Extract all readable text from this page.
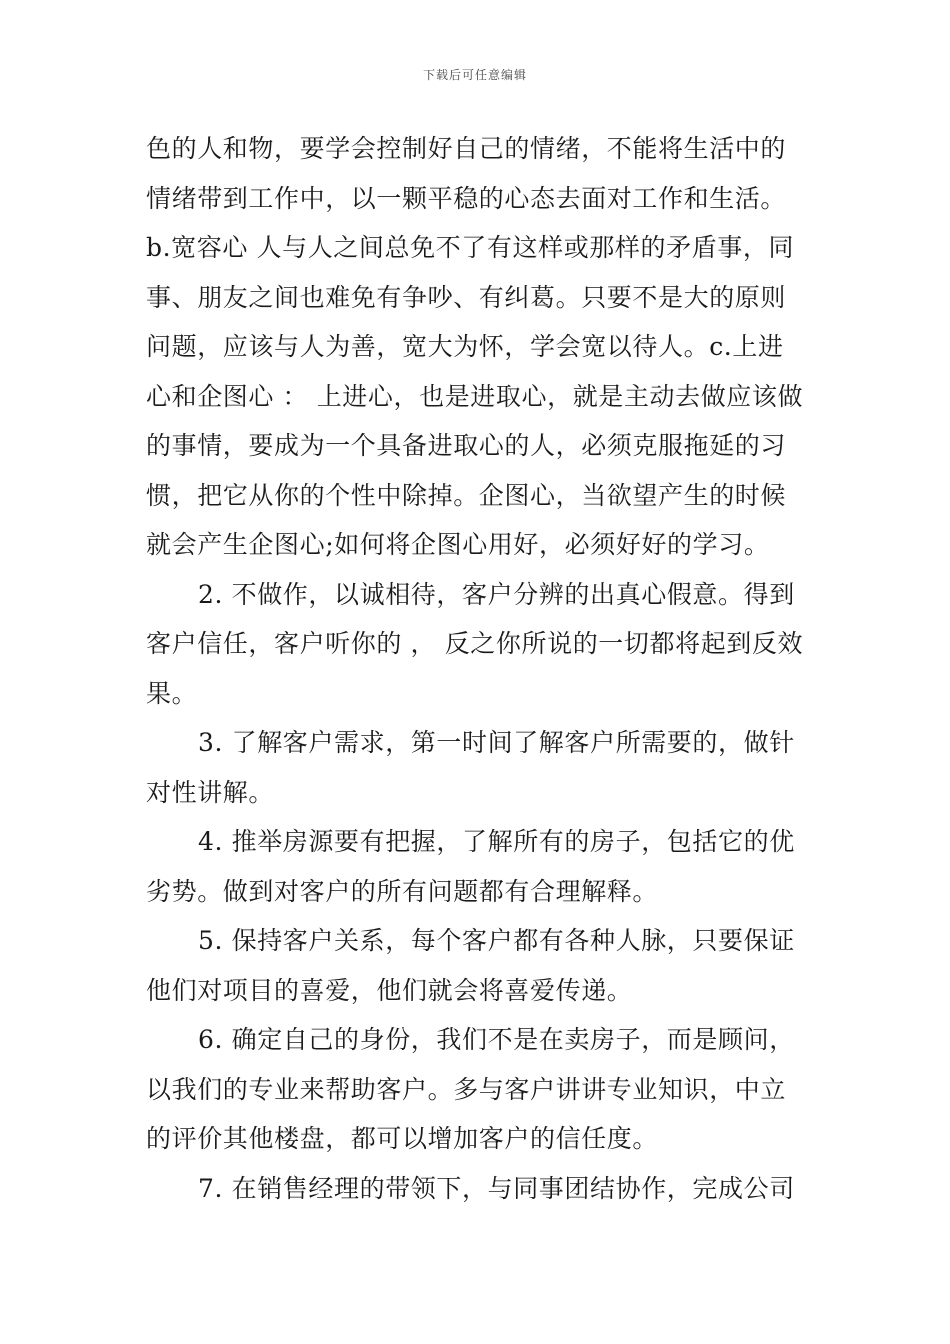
下载后可任意编辑
色的人和物，要学会控制好自己的情绪，不能将生活中的
情绪带到工作中，以一颗平稳的心态去面对工作和生活。
b.宽容心 人与人之间总免不了有这样或那样的矛盾事，同
事、朋友之间也难免有争吵、有纠葛。只要不是大的原则
问题，应该与人为善，宽大为怀，学会宽以待人。c.上进
心和企图心 ： 上进心，也是进取心，就是主动去做应该做
的事情，要成为一个具备进取心的人，必须克服拖延的习
惯，把它从你的个性中除掉。企图心，当欲望产生的时候
就会产生企图心;如何将企图心用好，必须好好的学习。
2. 不做作，以诚相待，客户分辨的出真心假意。得到
客户信任，客户听你的 ， 反之你所说的一切都将起到反效
果。
3. 了解客户需求，第一时间了解客户所需要的，做针
对性讲解。
4. 推举房源要有把握，了解所有的房子，包括它的优
劣势。做到对客户的所有问题都有合理解释。
5. 保持客户关系，每个客户都有各种人脉，只要保证
他们对项目的喜爱，他们就会将喜爱传递。
6. 确定自己的身份，我们不是在卖房子，而是顾问，
以我们的专业来帮助客户。多与客户讲讲专业知识，中立
的评价其他楼盘，都可以增加客户的信任度。
7. 在销售经理的带领下，与同事团结协作，完成公司
